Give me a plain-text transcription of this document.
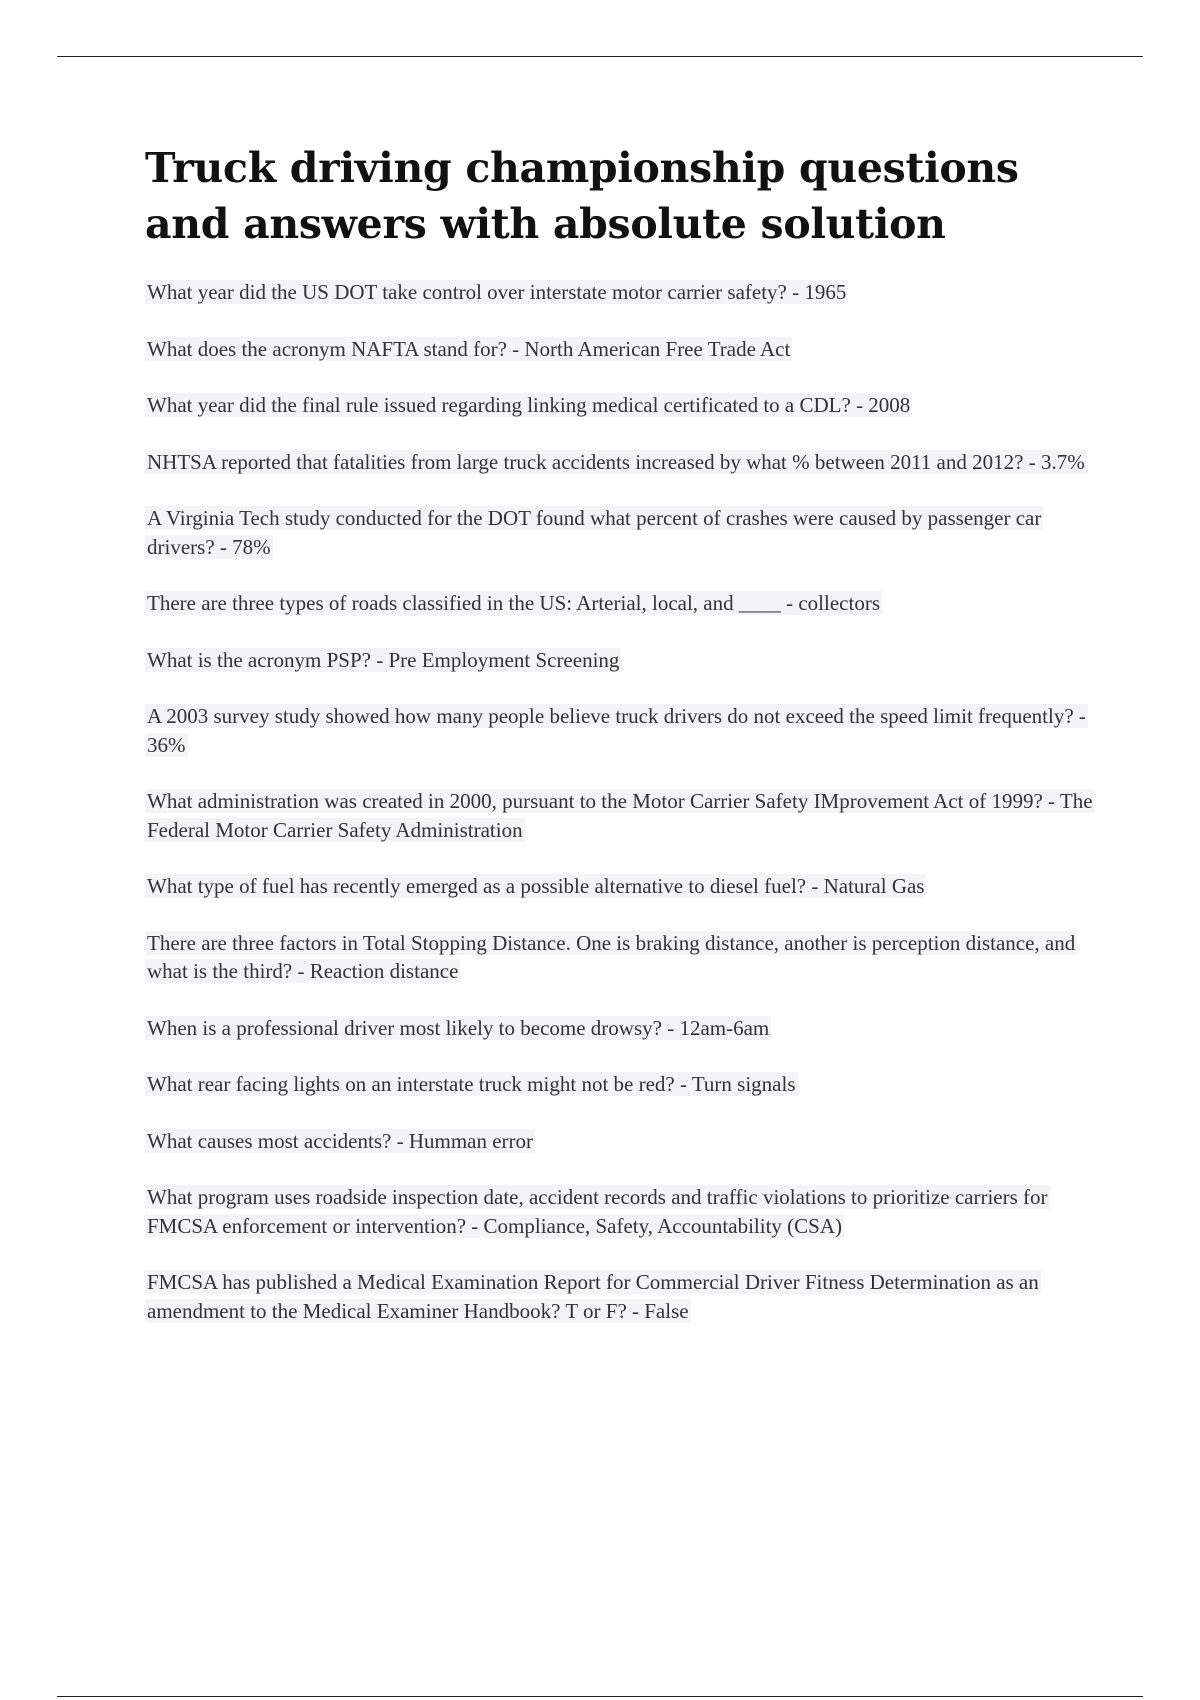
Truck driving championship questions and answers with absolute solution
What year did the US DOT take control over interstate motor carrier safety? - 1965
What does the acronym NAFTA stand for? - North American Free Trade Act
What year did the final rule issued regarding linking medical certificated to a CDL? - 2008
NHTSA reported that fatalities from large truck accidents increased by what % between 2011 and 2012? - 3.7%
A Virginia Tech study conducted for the DOT found what percent of crashes were caused by passenger car drivers? - 78%
There are three types of roads classified in the US: Arterial, local, and ____ - collectors
What is the acronym PSP? - Pre Employment Screening
A 2003 survey study showed how many people believe truck drivers do not exceed the speed limit frequently? - 36%
What administration was created in 2000, pursuant to the Motor Carrier Safety IMprovement Act of 1999? - The Federal Motor Carrier Safety Administration
What type of fuel has recently emerged as a possible alternative to diesel fuel? - Natural Gas
There are three factors in Total Stopping Distance. One is braking distance, another is perception distance, and what is the third? - Reaction distance
When is a professional driver most likely to become drowsy? - 12am-6am
What rear facing lights on an interstate truck might not be red? - Turn signals
What causes most accidents? - Humman error
What program uses roadside inspection date, accident records and traffic violations to prioritize carriers for FMCSA enforcement or intervention? - Compliance, Safety, Accountability (CSA)
FMCSA has published a Medical Examination Report for Commercial Driver Fitness Determination as an amendment to the Medical Examiner Handbook? T or F? - False
